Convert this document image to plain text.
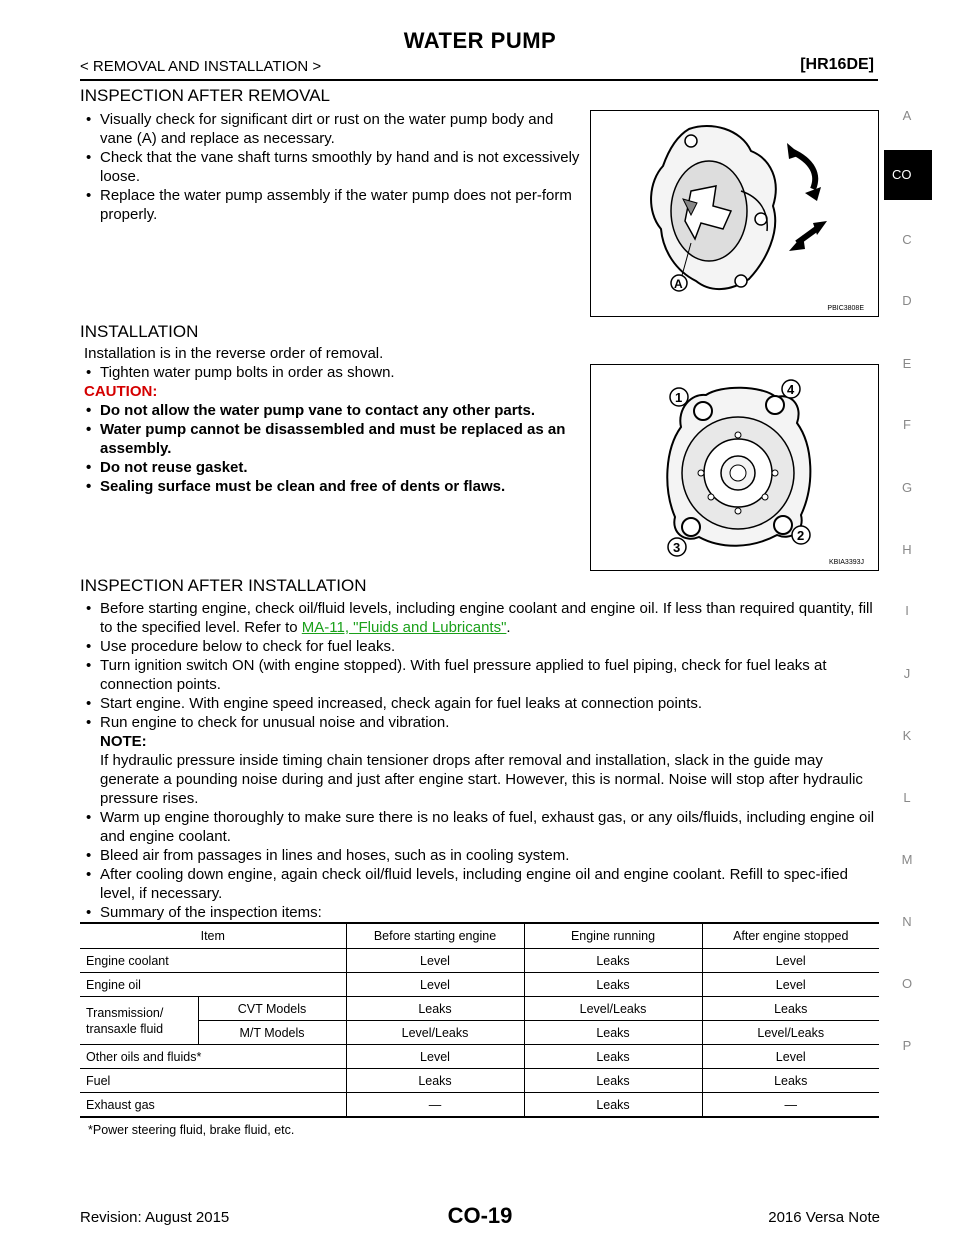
WATER PUMP
< REMOVAL AND INSTALLATION >	[HR16DE]
A
CO
C
D
E
F
G
H
I
J
K
L
M
N
O
P
INSPECTION AFTER REMOVAL
• Visually check for significant dirt or rust on the water pump body and vane (A) and replace as necessary.
• Check that the vane shaft turns smoothly by hand and is not excessively loose.
• Replace the water pump assembly if the water pump does not per-form properly.
A
PBIC3808E
INSTALLATION
Installation is in the reverse order of removal.
• Tighten water pump bolts in order as shown.
CAUTION:
• Do not allow the water pump vane to contact any other parts.
• Water pump cannot be disassembled and must be replaced as an assembly.
• Do not reuse gasket.
• Sealing surface must be clean and free of dents or flaws.
1
2
3
4
KBIA3393J
INSPECTION AFTER INSTALLATION
• Before starting engine, check oil/fluid levels, including engine coolant and engine oil. If less than required quantity, fill to the specified level. Refer to MA-11, "Fluids and Lubricants".
• Use procedure below to check for fuel leaks.
• Turn ignition switch ON (with engine stopped). With fuel pressure applied to fuel piping, check for fuel leaks at connection points.
• Start engine. With engine speed increased, check again for fuel leaks at connection points.
• Run engine to check for unusual noise and vibration.
NOTE:
If hydraulic pressure inside timing chain tensioner drops after removal and installation, slack in the guide may generate a pounding noise during and just after engine start. However, this is normal. Noise will stop after hydraulic pressure rises.
• Warm up engine thoroughly to make sure there is no leaks of fuel, exhaust gas, or any oils/fluids, including engine oil and engine coolant.
• Bleed air from passages in lines and hoses, such as in cooling system.
• After cooling down engine, again check oil/fluid levels, including engine oil and engine coolant. Refill to spec-ified level, if necessary.
• Summary of the inspection items:
Item		Before starting engine	Engine running	After engine stopped
Engine coolant		Level	Leaks	Level
Engine oil		Level	Leaks	Level
Transmission/ transaxle fluid	CVT Models	Leaks	Level/Leaks	Leaks
	M/T Models	Level/Leaks	Leaks	Level/Leaks
Other oils and fluids*		Level	Leaks	Level
Fuel		Leaks	Leaks	Leaks
Exhaust gas		—	Leaks	—
*Power steering fluid, brake fluid, etc.
Revision: August 2015	CO-19	2016 Versa Note
